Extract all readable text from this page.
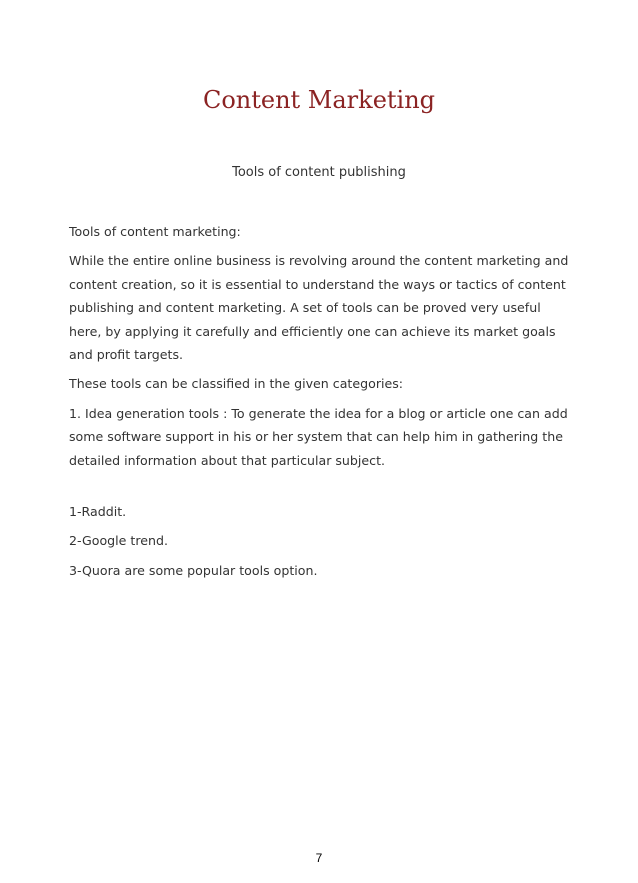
Content Marketing
Tools of content publishing

Tools of content marketing:

While the entire online business is revolving around the content marketing and content creation, so it is essential to understand the ways or tactics of content publishing and content marketing. A set of tools can be proved very useful here, by applying it carefully and efficiently one can achieve its market goals and profit targets.

These tools can be classified in the given categories:

1. Idea generation tools : To generate the idea for a blog or article one can add some software support in his or her system that can help him in gathering the detailed information about that particular subject.

1-Raddit.
2-Google trend.
3-Quora are some popular tools option.
7
